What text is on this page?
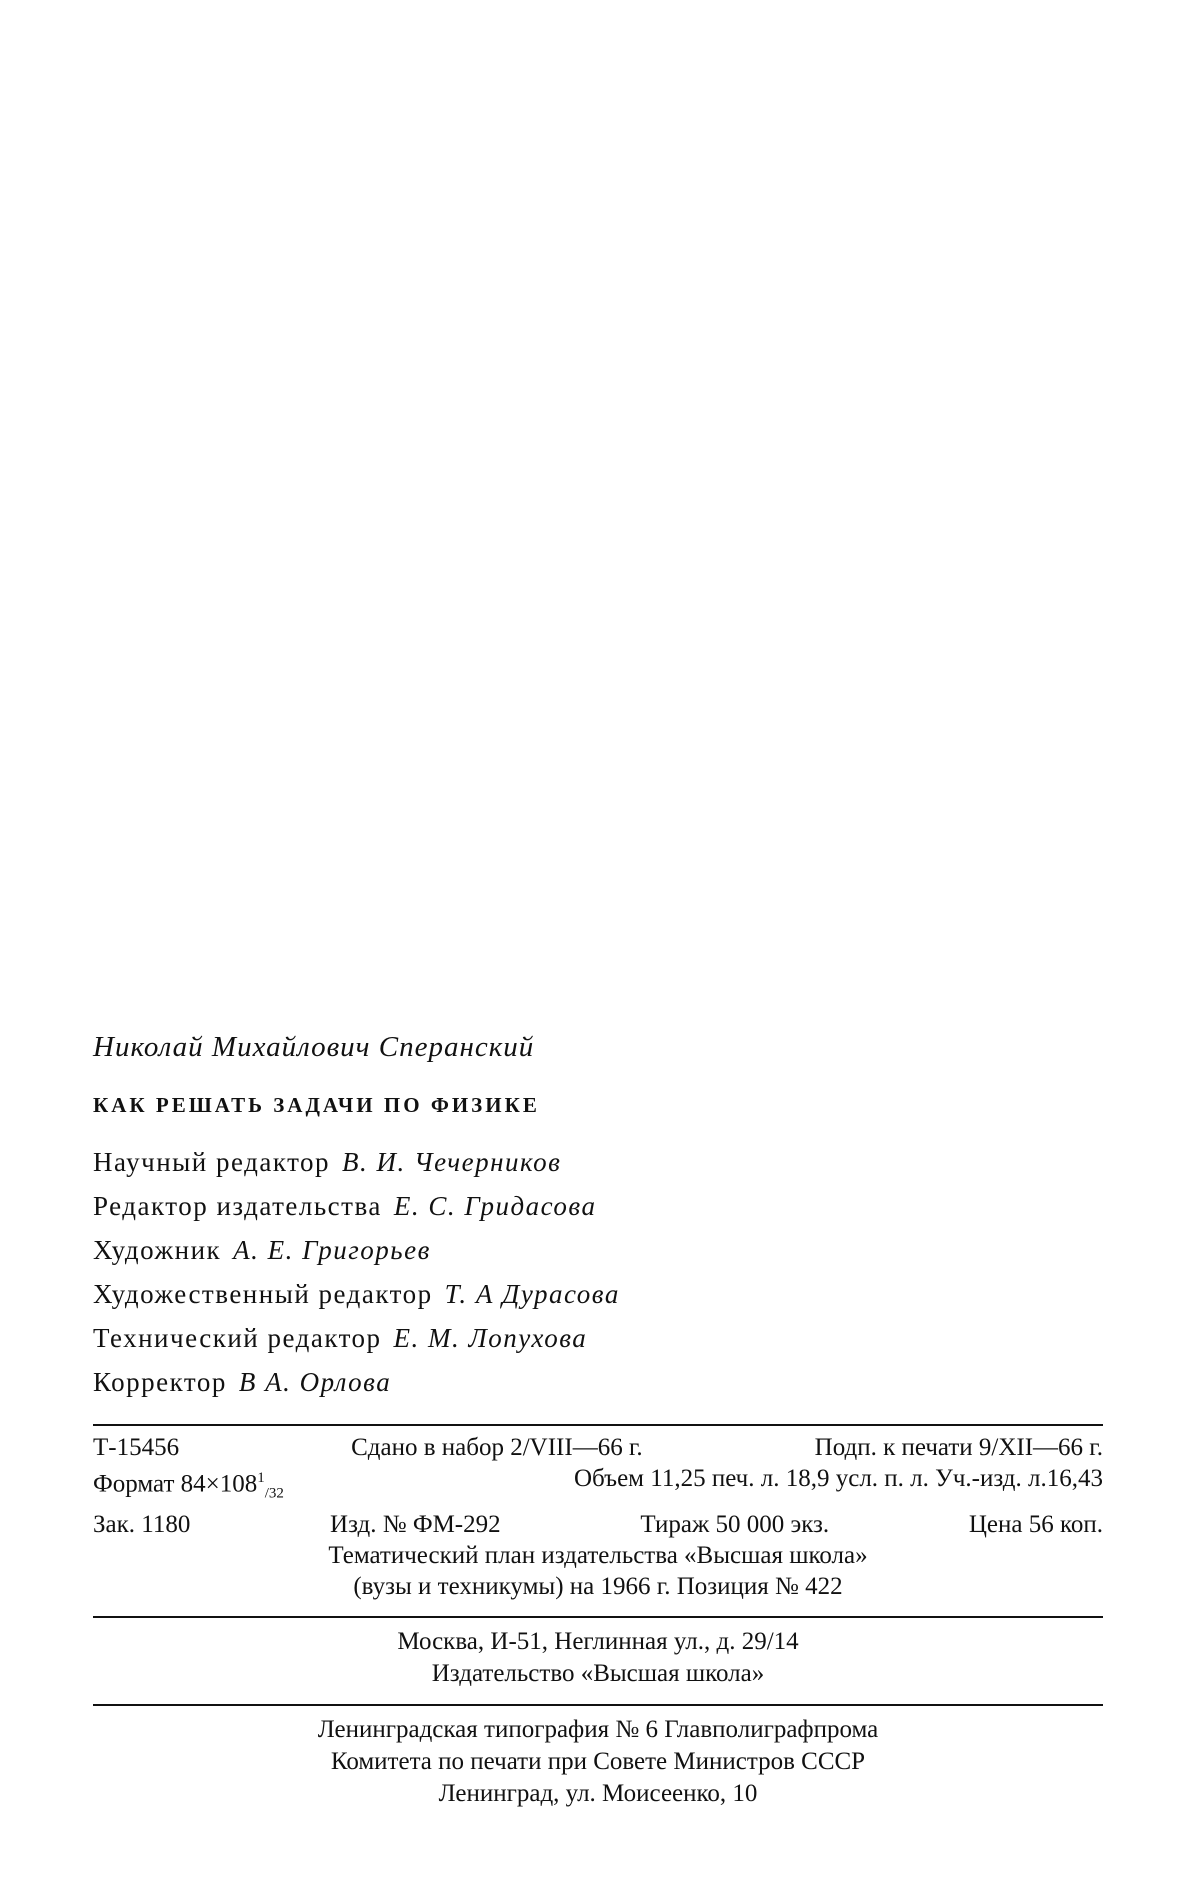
Николай Михайлович Сперанский

КАК РЕШАТЬ ЗАДАЧИ ПО ФИЗИКЕ

Научный редактор В. И. Чечерников
Редактор издательства Е. С. Гридасова
Художник А. Е. Григорьев
Художественный редактор Т. А Дурасова
Технический редактор Е. М. Лопухова
Корректор В А. Орлова
Т-15456	Сдано в набор 2/VIII—66 г.	Подп. к печати 9/XII—66 г.
Формат $84\times 108^1_{/32}$
Объем 11,25 печ. л. 18,9 усл. п. л. Уч.-изд. л.16,43
Зак. 1180	Изд. № ФМ-292	Тираж 50 000 экз.	Цена 56 коп.
Тематический план издательства «Высшая школа»
(вузы и техникумы) на 1966 г. Позиция № 422
Москва, И-51, Неглинная ул., д. 29/14
Издательство «Высшая школа»
Ленинградская типография № 6 Главполиграфпрома
Комитета по печати при Совете Министров СССР
Ленинград, ул. Моисеенко, 10
